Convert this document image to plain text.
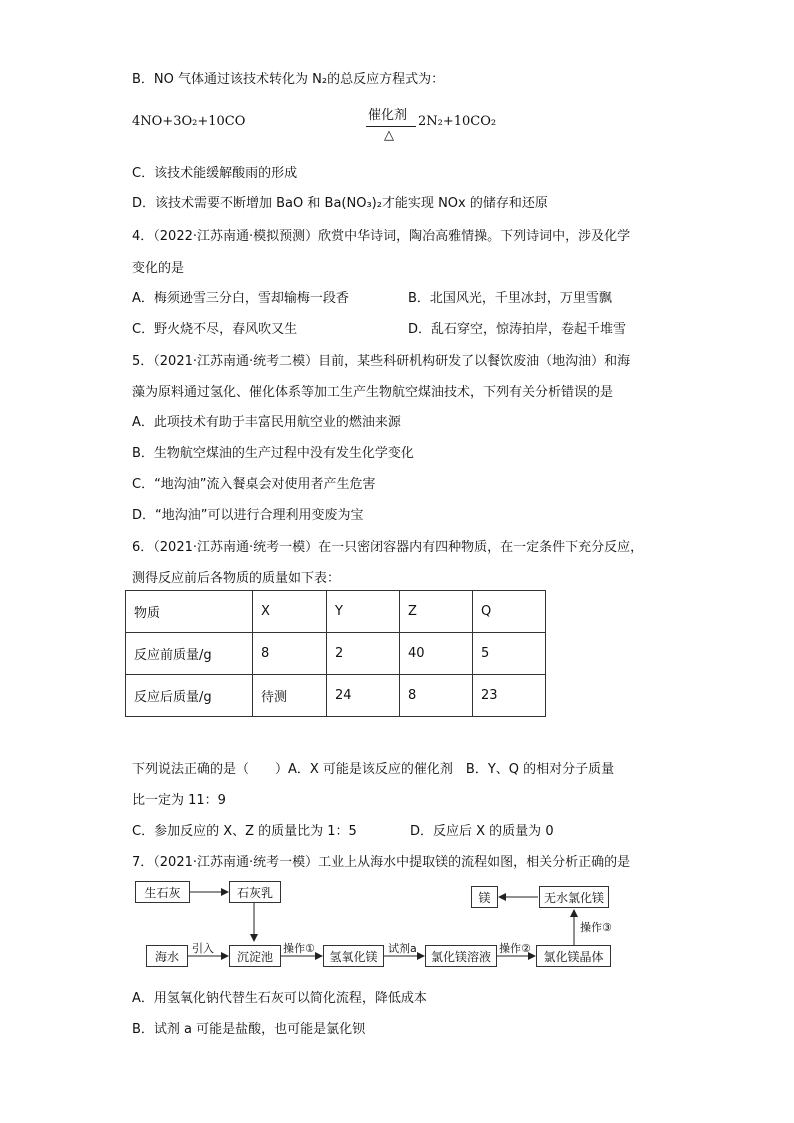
B．NO 气体通过该技术转化为 N₂的总反应方程式为：
4NO+3O₂+10CO	催化剂
△
2N₂+10CO₂
C．该技术能缓解酸雨的形成
D．该技术需要不断增加 BaO 和 Ba(NO₃)₂才能实现 NOx 的储存和还原
4．（2022·江苏南通·模拟预测）欣赏中华诗词，陶冶高雅情操。下列诗词中，涉及化学
变化的是
A．梅须逊雪三分白，雪却输梅一段香	B．北国风光，千里冰封，万里雪飘
C．野火烧不尽，春风吹又生	D．乱石穿空，惊涛拍岸，卷起千堆雪
5．（2021·江苏南通·统考二模）目前，某些科研机构研发了以餐饮废油（地沟油）和海
藻为原料通过氢化、催化体系等加工生产生物航空煤油技术，下列有关分析错误的是
A．此项技术有助于丰富民用航空业的燃油来源
B．生物航空煤油的生产过程中没有发生化学变化
C．“地沟油”流入餐桌会对使用者产生危害
D．“地沟油”可以进行合理利用变废为宝
6．（2021·江苏南通·统考一模）在一只密闭容器内有四种物质，在一定条件下充分反应，
测得反应前后各物质的质量如下表：
物质	X	Y	Z	Q
反应前质量/g	8	2	40	5
反应后质量/g	待测	24	8	23
下列说法正确的是（　　）A．X 可能是该反应的催化剂　B．Y、Q 的相对分子质量
比一定为 11：9
C．参加反应的 X、Z 的质量比为 1：5	D．反应后 X 的质量为 0
7．（2021·江苏南通·统考一模）工业上从海水中提取镁的流程如图，相关分析正确的是
生石灰	石灰乳
海水
引入
沉淀池
操作①
氢氧化镁
试剂a
氯化镁溶液
操作②
氯化镁晶体
操作③
无水氯化镁
镁
A．用氢氧化钠代替生石灰可以简化流程，降低成本
B．试剂 a 可能是盐酸，也可能是氯化钡
